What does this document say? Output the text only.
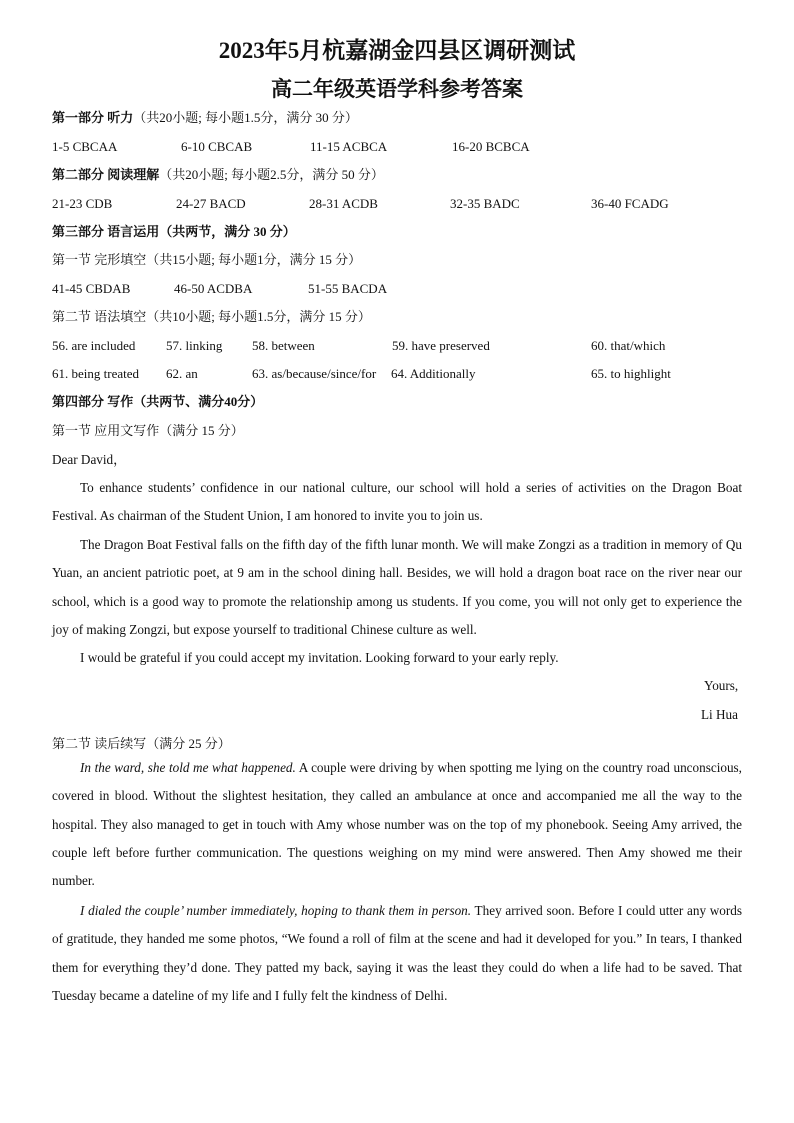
2023年5月杭嘉湖金四县区调研测试
高二年级英语学科参考答案
第一部分 听力（共20小题; 每小题1.5分，满分 30 分）
1-5 CBCAA	6-10 CBCAB	11-15 ACBCA	16-20 BCBCA
第二部分 阅读理解（共20小题; 每小题2.5分，满分 50 分）
21-23 CDB	24-27 BACD	28-31 ACDB	32-35 BADC	36-40 FCADG
第三部分 语言运用（共两节，满分 30 分）
第一节 完形填空（共15小题; 每小题1分，满分 15 分）
41-45 CBDAB	46-50 ACDBA	51-55 BACDA
第二节 语法填空（共10小题; 每小题1.5分，满分 15 分）
56. are included 57. linking 58. between	59. have preserved	60. that/which
61. being treated 62. an	63. as/because/since/for 64. Additionally	65. to highlight
第四部分 写作（共两节、满分40分）
第一节 应用文写作（满分 15 分）
Dear David，
To enhance students’ confidence in our national culture, our school will hold a series of activities on the Dragon Boat Festival. As chairman of the Student Union, I am honored to invite you to join us.
The Dragon Boat Festival falls on the fifth day of the fifth lunar month. We will make Zongzi as a tradition in memory of Qu Yuan, an ancient patriotic poet, at 9 am in the school dining hall. Besides, we will hold a dragon boat race on the river near our school, which is a good way to promote the relationship among us students. If you come, you will not only get to experience the joy of making Zongzi, but expose yourself to traditional Chinese culture as well.
I would be grateful if you could accept my invitation. Looking forward to your early reply.
Yours,
Li Hua
第二节 读后续写（满分 25 分）
In the ward, she told me what happened. A couple were driving by when spotting me lying on the country road unconscious, covered in blood. Without the slightest hesitation, they called an ambulance at once and accompanied me all the way to the hospital. They also managed to get in touch with Amy whose number was on the top of my phonebook. Seeing Amy arrived, the couple left before further communication. The questions weighing on my mind were answered. Then Amy showed me their number.
I dialed the couple’ number immediately, hoping to thank them in person. They arrived soon. Before I could utter any words of gratitude, they handed me some photos, “We found a roll of film at the scene and had it developed for you.” In tears, I thanked them for everything they’d done. They patted my back, saying it was the least they could do when a life had to be saved. That Tuesday became a dateline of my life and I fully felt the kindness of Delhi.
